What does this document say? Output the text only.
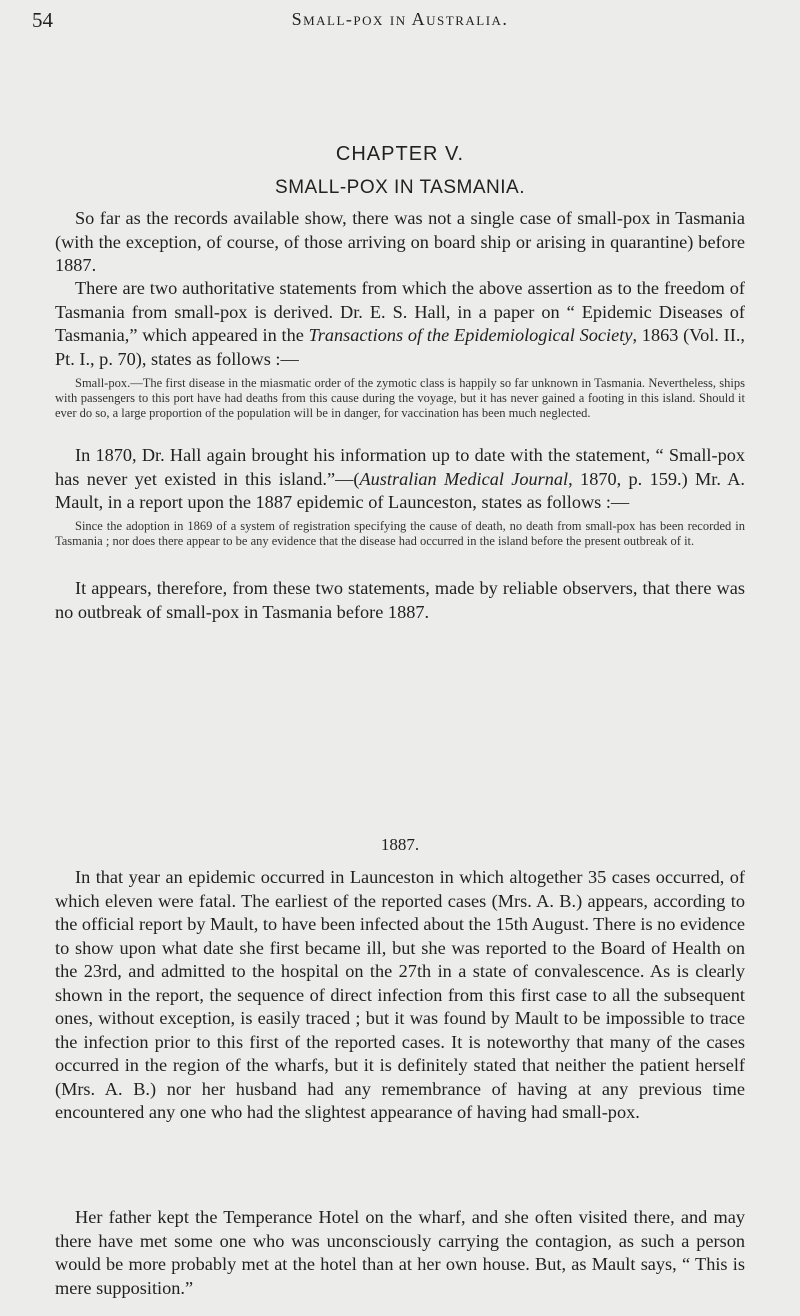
54	Small-pox in Australia.
CHAPTER V.
SMALL-POX IN TASMANIA.

So far as the records available show, there was not a single case of small-pox in Tasmania (with the exception, of course, of those arriving on board ship or arising in quarantine) before 1887.

There are two authoritative statements from which the above assertion as to the freedom of Tasmania from small-pox is derived. Dr. E. S. Hall, in a paper on “ Epidemic Diseases of Tasmania,” which appeared in the Transactions of the Epidemiological Society, 1863 (Vol. II., Pt. I., p. 70), states as follows :—

Small-pox.—The first disease in the miasmatic order of the zymotic class is happily so far unknown in Tasmania. Nevertheless, ships with passengers to this port have had deaths from this cause during the voyage, but it has never gained a footing in this island. Should it ever do so, a large proportion of the population will be in danger, for vaccination has been much neglected.

In 1870, Dr. Hall again brought his information up to date with the statement, “ Small-pox has never yet existed in this island.”—(Australian Medical Journal, 1870, p. 159.) Mr. A. Mault, in a report upon the 1887 epidemic of Launceston, states as follows :—

Since the adoption in 1869 of a system of registration specifying the cause of death, no death from small-pox has been recorded in Tasmania ; nor does there appear to be any evidence that the disease had occurred in the island before the present outbreak of it.

It appears, therefore, from these two statements, made by reliable observers, that there was no outbreak of small-pox in Tasmania before 1887.

1887.

In that year an epidemic occurred in Launceston in which altogether 35 cases occurred, of which eleven were fatal. The earliest of the reported cases (Mrs. A. B.) appears, according to the official report by Mault, to have been infected about the 15th August. There is no evidence to show upon what date she first became ill, but she was reported to the Board of Health on the 23rd, and admitted to the hospital on the 27th in a state of convalescence. As is clearly shown in the report, the sequence of direct infection from this first case to all the subsequent ones, without exception, is easily traced ; but it was found by Mault to be impossible to trace the infection prior to this first of the reported cases. It is noteworthy that many of the cases occurred in the region of the wharfs, but it is definitely stated that neither the patient herself (Mrs. A. B.) nor her husband had any remembrance of having at any previous time encountered any one who had the slightest appearance of having had small-pox.

Her father kept the Temperance Hotel on the wharf, and she often visited there, and may there have met some one who was unconsciously carrying the contagion, as such a person would be more probably met at the hotel than at her own house. But, as Mault says, “ This is mere supposition.”
